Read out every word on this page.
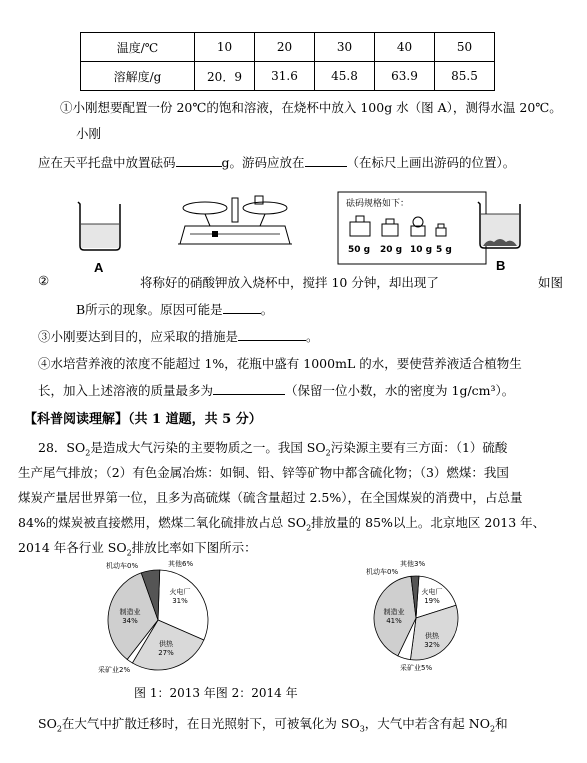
温度/℃	10	20	30	40	50
溶解度/g	20．9	31.6	45.8	63.9	85.5
①小刚想要配置一份 20℃的饱和溶液，在烧杯中放入 100g 水（图 A），测得水温 20℃。
小刚
应在天平托盘中放置砝码	g。游码应放在	（在标尺上画出游码的位置）。
A
砝码规格如下：
50 g 20 g 10 g 5 g
B
②	将称好的硝酸钾放入烧杯中，搅拌 10 分钟，却出现了	如图
B所示的现象。原因可能是	。
③小刚要达到目的，应采取的措施是	。
④水培营养液的浓度不能超过 1%，花瓶中盛有 1000mL 的水，要使营养液适合植物生
长，加入上述溶液的质量最多为	（保留一位小数，水的密度为 1g/cm³）。
【科普阅读理解】（共 1 道题，共 5 分）
28．$SO_2$是造成大气污染的主要物质之一。我国 $SO_2$污染源主要有三方面：（1）硫酸
生产尾气排放；（2）有色金属冶炼：如铜、铅、锌等矿物中都含硫化物；（3）燃煤：我国
煤炭产量居世界第一位，且多为高硫煤（硫含量超过 2.5%），在全国煤炭的消费中，占总量
84%的煤炭被直接燃用，燃煤二氧化硫排放占总 $SO_2$排放量的 85%以上。北京地区 2013 年、
2014 年各行业 $SO_2$排放比率如下图所示：
火电厂
31%
供热
27%
采矿业2%
制造业
34%
机动车0%	其他6%
火电厂
19%
供热
32%
采矿业5%
制造业
41%
机动车0%
其他3%
图 1：2013 年图 2：2014 年
$SO_2$在大气中扩散迁移时，在日光照射下，可被氧化为 $SO_3$，大气中若含有起 $NO_2$和
